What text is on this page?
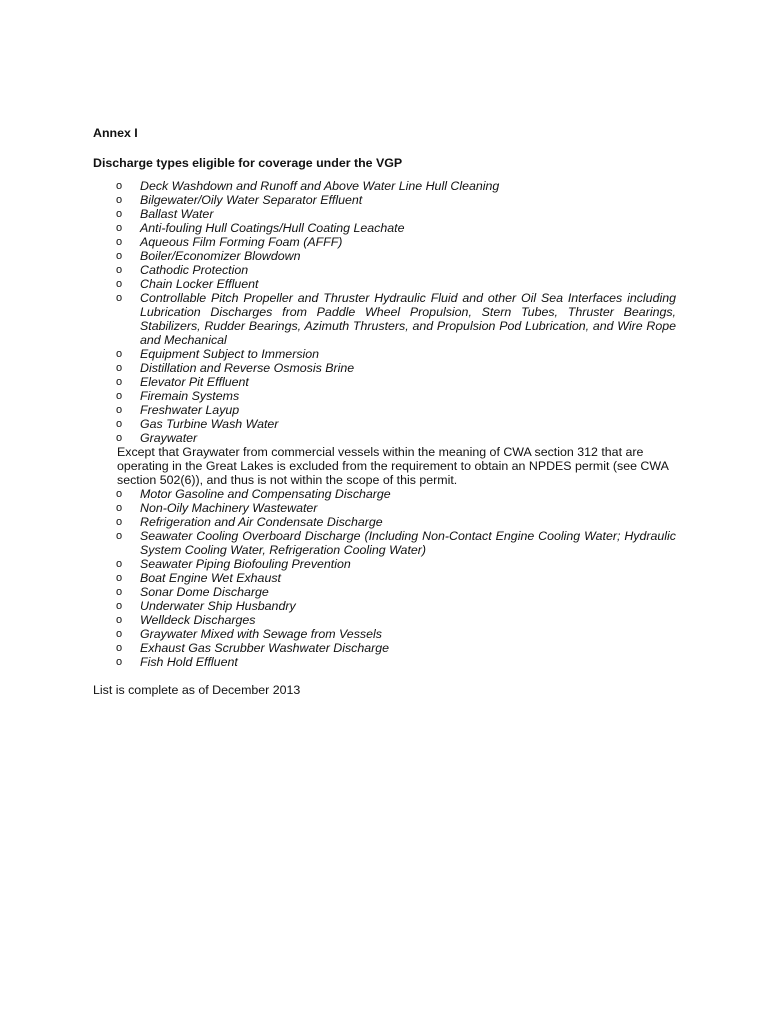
Annex I

Discharge types eligible for coverage under the VGP

o Deck Washdown and Runoff and Above Water Line Hull Cleaning
o Bilgewater/Oily Water Separator Effluent
o Ballast Water
o Anti-fouling Hull Coatings/Hull Coating Leachate
o Aqueous Film Forming Foam (AFFF)
o Boiler/Economizer Blowdown
o Cathodic Protection
o Chain Locker Effluent
o Controllable Pitch Propeller and Thruster Hydraulic Fluid and other Oil Sea Interfaces including Lubrication Discharges from Paddle Wheel Propulsion, Stern Tubes, Thruster Bearings, Stabilizers, Rudder Bearings, Azimuth Thrusters, and Propulsion Pod Lubrication, and Wire Rope and Mechanical
o Equipment Subject to Immersion
o Distillation and Reverse Osmosis Brine
o Elevator Pit Effluent
o Firemain Systems
o Freshwater Layup
o Gas Turbine Wash Water
o Graywater

Except that Graywater from commercial vessels within the meaning of CWA section 312 that are operating in the Great Lakes is excluded from the requirement to obtain an NPDES permit (see CWA section 502(6)), and thus is not within the scope of this permit.

o Motor Gasoline and Compensating Discharge
o Non-Oily Machinery Wastewater
o Refrigeration and Air Condensate Discharge
o Seawater Cooling Overboard Discharge (Including Non-Contact Engine Cooling Water; Hydraulic System Cooling Water, Refrigeration Cooling Water)
o Seawater Piping Biofouling Prevention
o Boat Engine Wet Exhaust
o Sonar Dome Discharge
o Underwater Ship Husbandry
o Welldeck Discharges
o Graywater Mixed with Sewage from Vessels
o Exhaust Gas Scrubber Washwater Discharge
o Fish Hold Effluent

List is complete as of December 2013
